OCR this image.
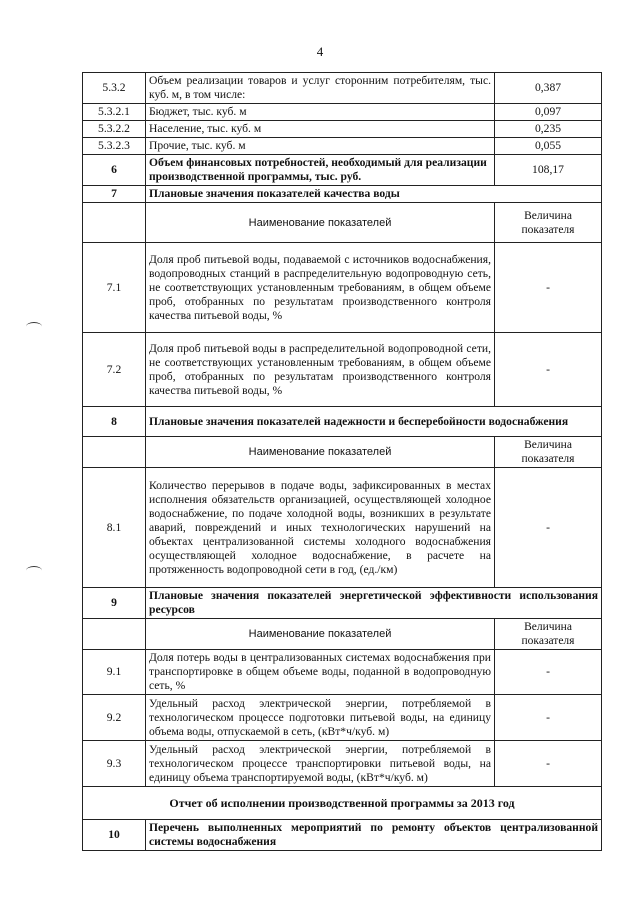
4
5.3.2	Объем реализации товаров и услуг сторонним потребителям, тыс. куб. м, в том числе:	0,387
5.3.2.1	Бюджет, тыс. куб. м	0,097
5.3.2.2	Население, тыс. куб. м	0,235
5.3.2.3	Прочие, тыс. куб. м	0,055
6	Объем финансовых потребностей, необходимый для реализации производственной программы, тыс. руб.	108,17
7	Плановые значения показателей качества воды	
	Наименование показателей	Величина показателя
7.1	Доля проб питьевой воды, подаваемой с источников водоснабжения, водопроводных станций в распределительную водопроводную сеть, не соответствующих установленным требованиям, в общем объеме проб, отобранных по результатам производственного контроля качества питьевой воды, %	-
7.2	Доля проб питьевой воды в распределительной водопроводной сети, не соответствующих установленным требованиям, в общем объеме проб, отобранных по результатам производственного контроля качества питьевой воды, %	-
8	Плановые значения показателей надежности и бесперебойности водоснабжения	
	Наименование показателей	Величина показателя
8.1	Количество перерывов в подаче воды, зафиксированных в местах исполнения обязательств организацией, осуществляющей холодное водоснабжение, по подаче холодной воды, возникших в результате аварий, повреждений и иных технологических нарушений на объектах централизованной системы холодного водоснабжения осуществляющей холодное водоснабжение, в расчете на протяженность водопроводной сети в год, (ед./км)	-
9	Плановые значения показателей энергетической эффективности использования ресурсов	
	Наименование показателей	Величина показателя
9.1	Доля потерь воды в централизованных системах водоснабжения при транспортировке в общем объеме воды, поданной в водопроводную сеть, %	-
9.2	Удельный расход электрической энергии, потребляемой в технологическом процессе подготовки питьевой воды, на единицу объема воды, отпускаемой в сеть, (кВт*ч/куб. м)	-
9.3	Удельный расход электрической энергии, потребляемой в технологическом процессе транспортировки питьевой воды, на единицу объема транспортируемой воды, (кВт*ч/куб. м)	-
Отчет об исполнении производственной программы за 2013 год		
10	Перечень выполненных мероприятий по ремонту объектов централизованной системы водоснабжения	
